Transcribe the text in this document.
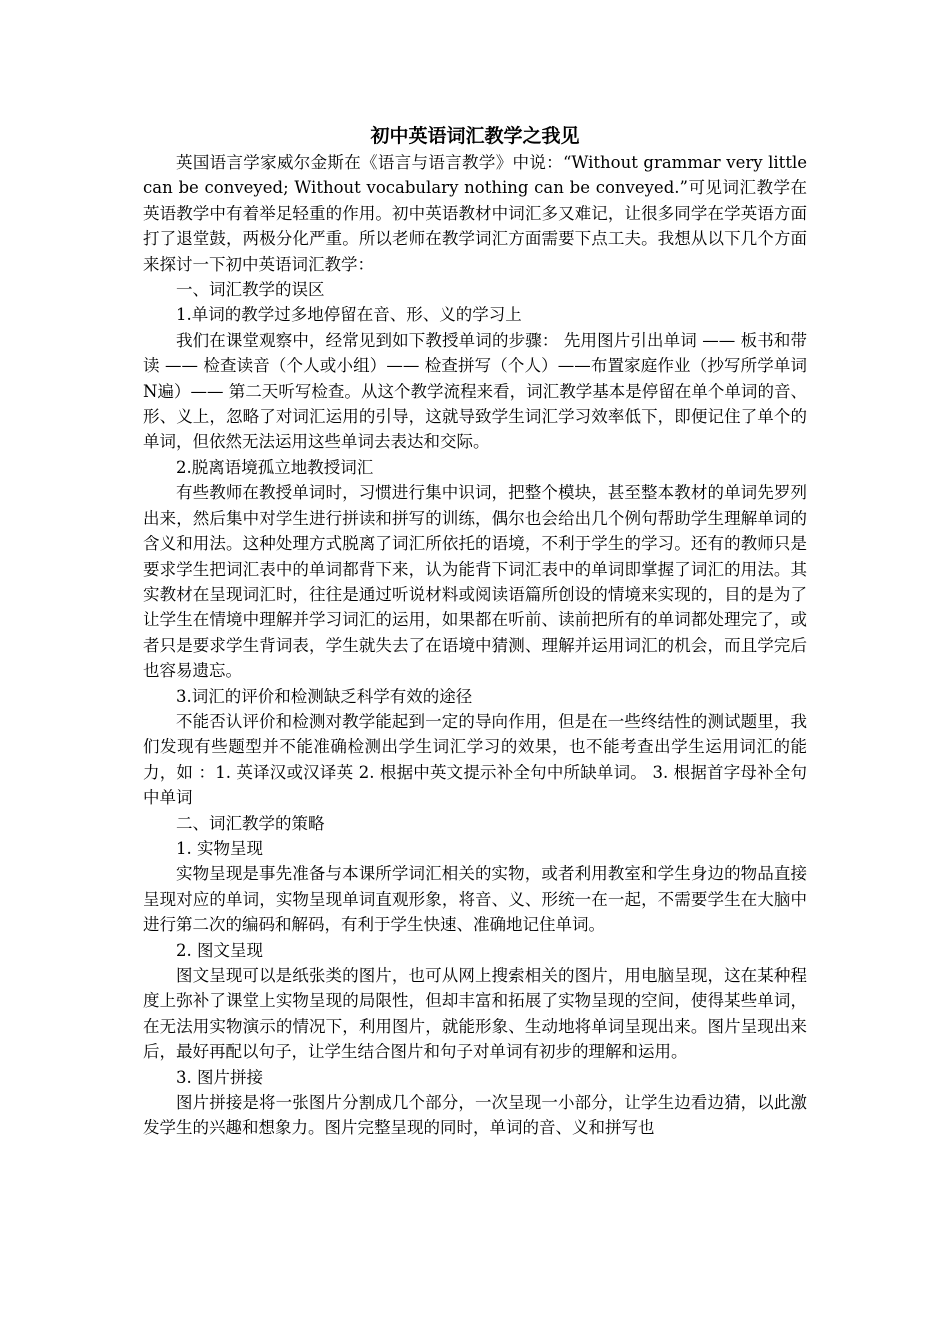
初中英语词汇教学之我见

英国语言学家威尔金斯在《语言与语言教学》中说：“Without grammar very little can be conveyed; Without vocabulary nothing can be conveyed.”可见词汇教学在英语教学中有着举足轻重的作用。初中英语教材中词汇多又难记，让很多同学在学英语方面打了退堂鼓，两极分化严重。所以老师在教学词汇方面需要下点工夫。我想从以下几个方面来探讨一下初中英语词汇教学：

一、词汇教学的误区

1.单词的教学过多地停留在音、形、义的学习上

我们在课堂观察中，经常见到如下教授单词的步骤： 先用图片引出单词 —— 板书和带读 —— 检查读音（个人或小组）—— 检查拼写（个人）——布置家庭作业（抄写所学单词N遍）—— 第二天听写检查。从这个教学流程来看，词汇教学基本是停留在单个单词的音、形、义上，忽略了对词汇运用的引导，这就导致学生词汇学习效率低下，即便记住了单个的单词，但依然无法运用这些单词去表达和交际。

2.脱离语境孤立地教授词汇

有些教师在教授单词时，习惯进行集中识词，把整个模块，甚至整本教材的单词先罗列出来，然后集中对学生进行拼读和拼写的训练，偶尔也会给出几个例句帮助学生理解单词的含义和用法。这种处理方式脱离了词汇所依托的语境，不利于学生的学习。还有的教师只是要求学生把词汇表中的单词都背下来，认为能背下词汇表中的单词即掌握了词汇的用法。其实教材在呈现词汇时，往往是通过听说材料或阅读语篇所创设的情境来实现的，目的是为了让学生在情境中理解并学习词汇的运用，如果都在听前、读前把所有的单词都处理完了，或者只是要求学生背词表，学生就失去了在语境中猜测、理解并运用词汇的机会，而且学完后也容易遗忘。

3.词汇的评价和检测缺乏科学有效的途径

不能否认评价和检测对教学能起到一定的导向作用，但是在一些终结性的测试题里，我们发现有些题型并不能准确检测出学生词汇学习的效果，也不能考查出学生运用词汇的能力，如 ：1. 英译汉或汉译英 2. 根据中英文提示补全句中所缺单词。 3. 根据首字母补全句中单词

二、词汇教学的策略

1. 实物呈现

实物呈现是事先准备与本课所学词汇相关的实物，或者利用教室和学生身边的物品直接呈现对应的单词，实物呈现单词直观形象，将音、义、形统一在一起，不需要学生在大脑中进行第二次的编码和解码，有利于学生快速、准确地记住单词。

2. 图文呈现

图文呈现可以是纸张类的图片，也可从网上搜索相关的图片，用电脑呈现，这在某种程度上弥补了课堂上实物呈现的局限性，但却丰富和拓展了实物呈现的空间，使得某些单词，在无法用实物演示的情况下，利用图片，就能形象、生动地将单词呈现出来。图片呈现出来后，最好再配以句子，让学生结合图片和句子对单词有初步的理解和运用。

3. 图片拼接

图片拼接是将一张图片分割成几个部分，一次呈现一小部分，让学生边看边猜，以此激发学生的兴趣和想象力。图片完整呈现的同时，单词的音、义和拼写也
